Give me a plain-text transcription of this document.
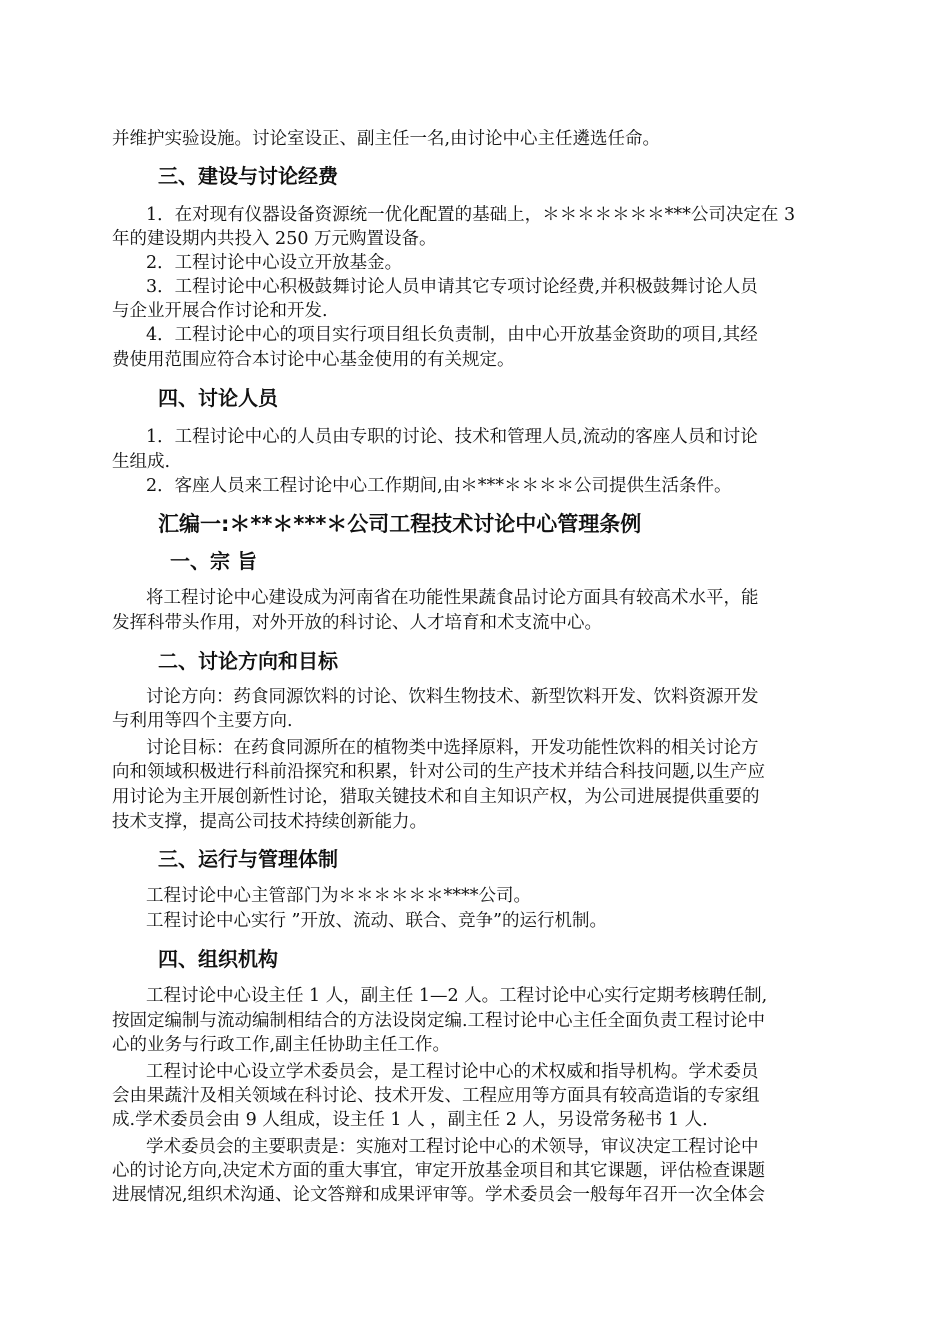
并维护实验设施。讨论室设正、副主任一名,由讨论中心主任遴选任命。
三、建设与讨论经费
1．在对现有仪器设备资源统一优化配置的基础上，＊＊＊＊＊＊＊***公司决定在 3
年的建设期内共投入 250 万元购置设备。
2．工程讨论中心设立开放基金。
3．工程讨论中心积极鼓舞讨论人员申请其它专项讨论经费,并积极鼓舞讨论人员
与企业开展合作讨论和开发.
4．工程讨论中心的项目实行项目组长负责制，由中心开放基金资助的项目,其经
费使用范围应符合本讨论中心基金使用的有关规定。
四、讨论人员
1．工程讨论中心的人员由专职的讨论、技术和管理人员,流动的客座人员和讨论
生组成.
2．客座人员来工程讨论中心工作期间,由＊***＊＊＊＊公司提供生活条件。
汇编一:＊**＊***＊公司工程技术讨论中心管理条例
一、宗 旨
将工程讨论中心建设成为河南省在功能性果蔬食品讨论方面具有较高术水平，能
发挥科带头作用，对外开放的科讨论、人才培育和术支流中心。
二、讨论方向和目标
讨论方向：药食同源饮料的讨论、饮料生物技术、新型饮料开发、饮料资源开发
与利用等四个主要方向.
讨论目标：在药食同源所在的植物类中选择原料，开发功能性饮料的相关讨论方
向和领域积极进行科前沿探究和积累，针对公司的生产技术并结合科技问题,以生产应
用讨论为主开展创新性讨论，猎取关键技术和自主知识产权，为公司进展提供重要的
技术支撑，提高公司技术持续创新能力。
三、运行与管理体制
工程讨论中心主管部门为＊＊＊＊＊＊****公司。
工程讨论中心实行 ”开放、流动、联合、竞争”的运行机制。
四、组织机构
工程讨论中心设主任 1 人，副主任 1—2 人。工程讨论中心实行定期考核聘任制,
按固定编制与流动编制相结合的方法设岗定编.工程讨论中心主任全面负责工程讨论中
心的业务与行政工作,副主任协助主任工作。
工程讨论中心设立学术委员会，是工程讨论中心的术权威和指导机构。学术委员
会由果蔬汁及相关领域在科讨论、技术开发、工程应用等方面具有较高造诣的专家组
成.学术委员会由 9 人组成，设主任 1 人 ，副主任 2 人，另设常务秘书 1 人.
学术委员会的主要职责是：实施对工程讨论中心的术领导，审议决定工程讨论中
心的讨论方向,决定术方面的重大事宜，审定开放基金项目和其它课题，评估检查课题
进展情况,组织术沟通、论文答辩和成果评审等。学术委员会一般每年召开一次全体会
